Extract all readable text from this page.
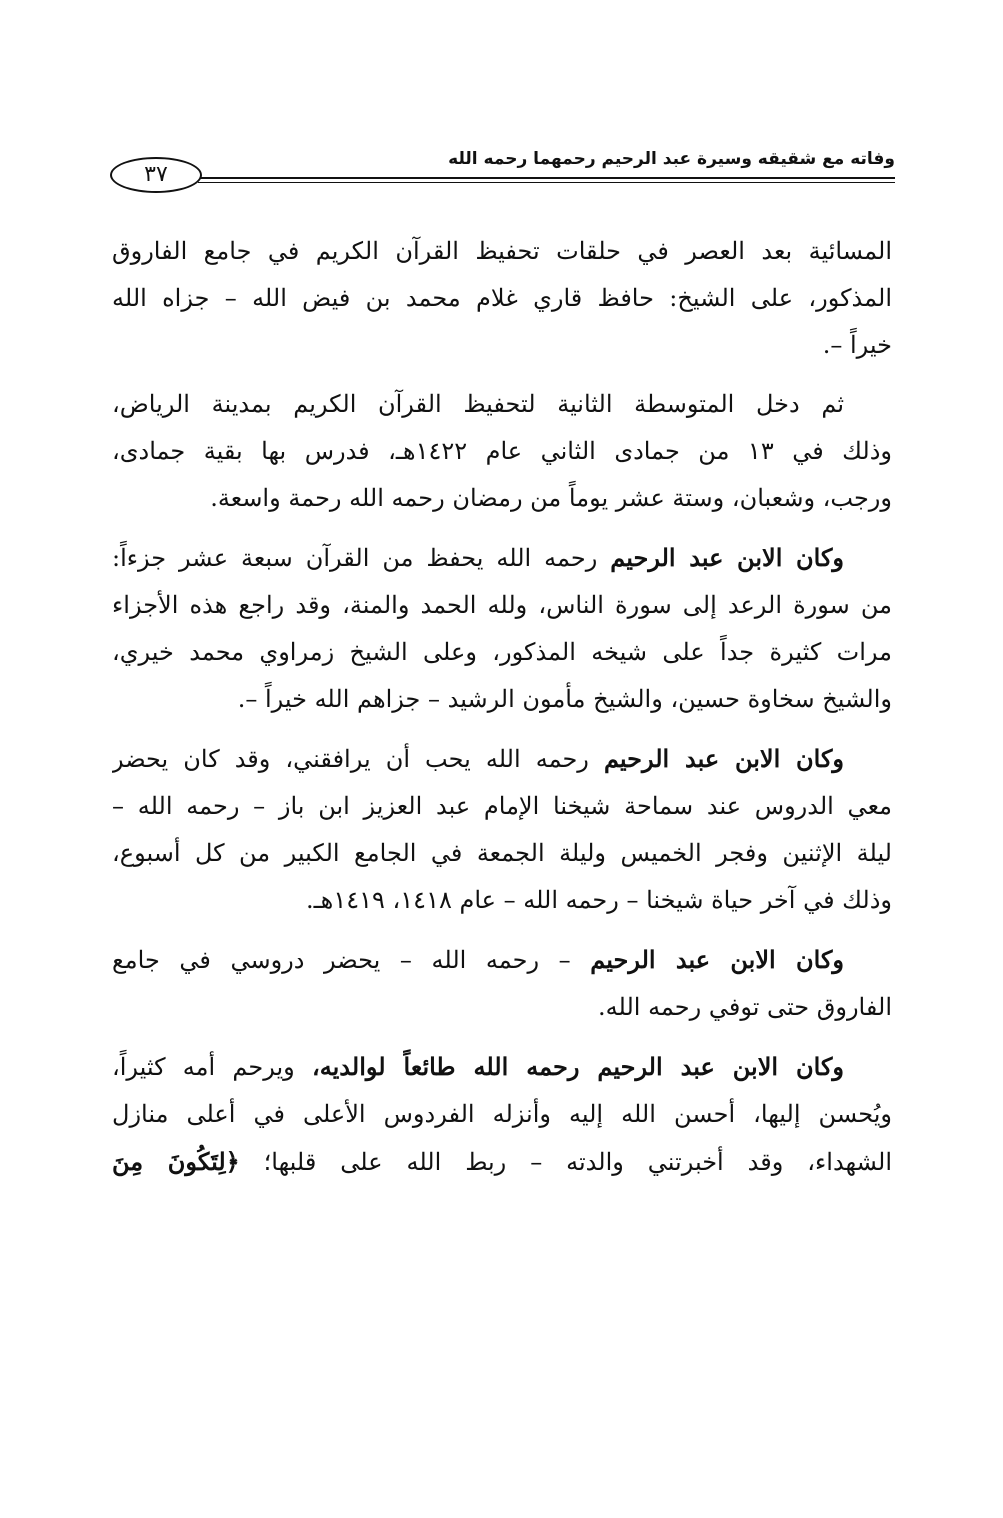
وفاته مع شقيقه وسيرة عبد الرحيم رحمهما رحمه الله
٣٧

المسائية بعد العصر في حلقات تحفيظ القرآن الكريم في جامع الفاروق
المذكور، على الشيخ: حافظ قاري غلام محمد بن فيض الله – جزاه الله
خيراً –.

ثم دخل المتوسطة الثانية لتحفيظ القرآن الكريم بمدينة الرياض،
وذلك في ١٣ من جمادى الثاني عام ١٤٢٢هـ، فدرس بها بقية جمادى،
ورجب، وشعبان، وستة عشر يوماً من رمضان رحمه الله رحمة واسعة.

وكان الابن عبد الرحيم رحمه الله يحفظ من القرآن سبعة عشر جزءاً:
من سورة الرعد إلى سورة الناس، ولله الحمد والمنة، وقد راجع هذه الأجزاء
مرات كثيرة جداً على شيخه المذكور، وعلى الشيخ زمراوي محمد خيري،
والشيخ سخاوة حسين، والشيخ مأمون الرشيد – جزاهم الله خيراً –.

وكان الابن عبد الرحيم رحمه الله يحب أن يرافقني، وقد كان يحضر
معي الدروس عند سماحة شيخنا الإمام عبد العزيز ابن باز – رحمه الله –
ليلة الإثنين وفجر الخميس وليلة الجمعة في الجامع الكبير من كل أسبوع،
وذلك في آخر حياة شيخنا – رحمه الله – عام ١٤١٨، ١٤١٩هـ.

وكان الابن عبد الرحيم – رحمه الله – يحضر دروسي في جامع
الفاروق حتى توفي رحمه الله.

وكان الابن عبد الرحيم رحمه الله طائعاً لوالديه، ويرحم أمه كثيراً،
ويُحسن إليها، أحسن الله إليه وأنزله الفردوس الأعلى في أعلى منازل
الشهداء، وقد أخبرتني والدته – ربط الله على قلبها؛ ﴿لِتَكُونَ مِنَ
